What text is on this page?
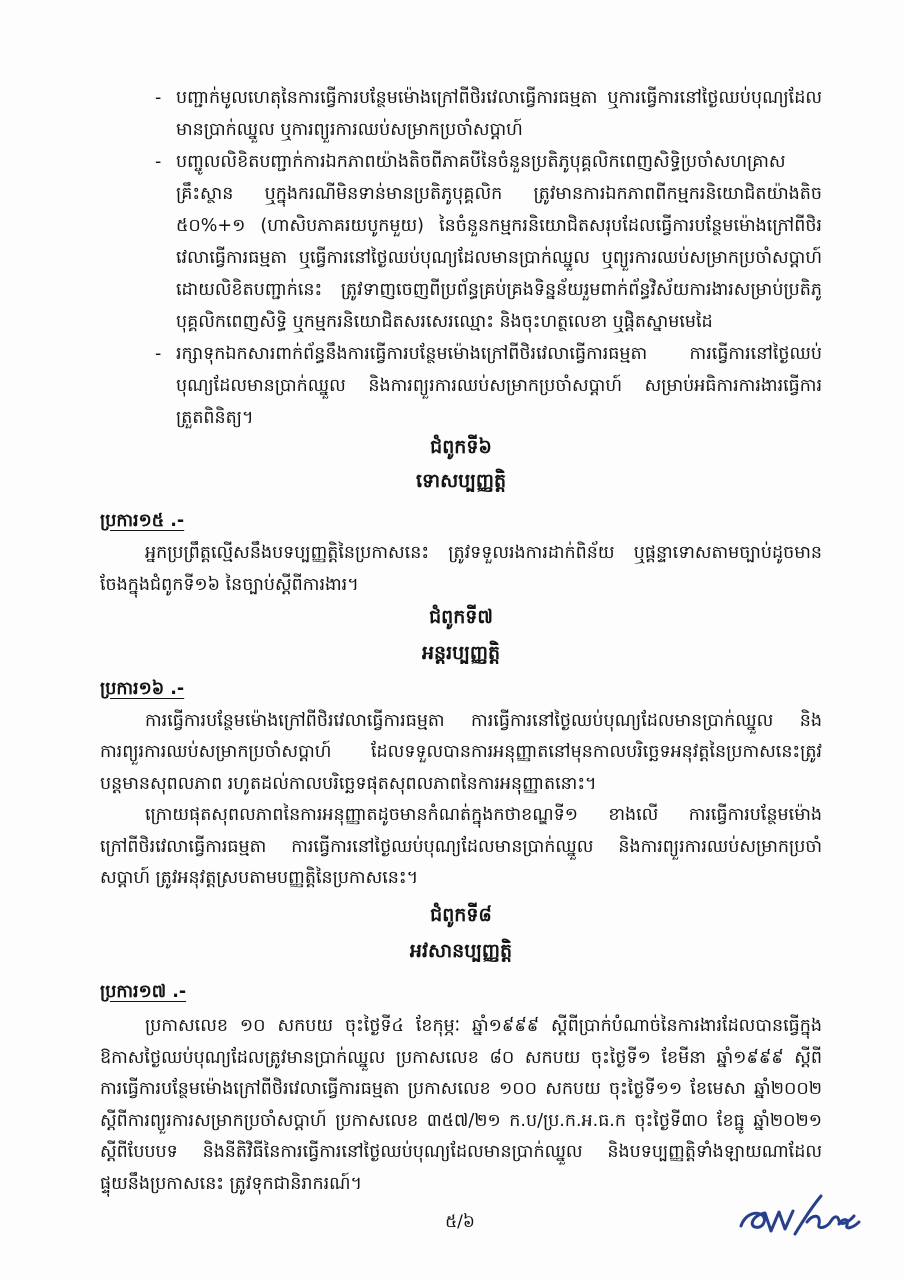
- បញ្ជាក់មូលហេតុនៃការធ្វើការបន្ថែមម៉ោងក្រៅពីថិរវេលាធ្វើការធម្មតា ឬការធ្វើការនៅថ្ងៃឈប់បុណ្យដែល
មានប្រាក់ឈ្នួល ឬការព្យួរការឈប់សម្រាកប្រចាំសប្ដាហ៍
- បញ្ចូលលិខិតបញ្ជាក់ការឯកភាពយ៉ាងតិចពីភាគបីនៃចំនួនប្រតិភូបុគ្គលិកពេញសិទ្ធិប្រចាំសហគ្រាស
គ្រឹះស្ថាន ឬក្នុងករណីមិនទាន់មានប្រតិភូបុគ្គលិក ត្រូវមានការឯកភាពពីកម្មករនិយោជិតយ៉ាងតិច
៥០%+១ (ហាសិបភាគរយបូកមួយ) នៃចំនួនកម្មករនិយោជិតសរុបដែលធ្វើការបន្ថែមម៉ោងក្រៅពីថិរ
វេលាធ្វើការធម្មតា ឬធ្វើការនៅថ្ងៃឈប់បុណ្យដែលមានប្រាក់ឈ្នួល ឬព្យួរការឈប់សម្រាកប្រចាំសប្ដាហ៍
ដោយលិខិតបញ្ជាក់នេះ ត្រូវទាញចេញពីប្រព័ន្ធគ្រប់គ្រងទិន្នន័យរួមពាក់ព័ន្ធវិស័យការងារសម្រាប់ប្រតិភូ
បុគ្គលិកពេញសិទ្ធិ ឬកម្មករនិយោជិតសរសេរឈ្មោះ និងចុះហត្ថលេខា ឬផ្តិតស្នាមមេដៃ
- រក្សាទុកឯកសារពាក់ព័ន្ធនឹងការធ្វើការបន្ថែមម៉ោងក្រៅពីថិរវេលាធ្វើការធម្មតា ការធ្វើការនៅថ្ងៃឈប់
បុណ្យដែលមានប្រាក់ឈ្នួល និងការព្យួរការឈប់សម្រាកប្រចាំសប្ដាហ៍ សម្រាប់អធិការការងារធ្វើការ
ត្រួតពិនិត្យ។
ជំពូកទី៦
ទោសប្បញ្ញត្តិ
ប្រការ១៥ .-
អ្នកប្រព្រឹត្តល្មើសនឹងបទប្បញ្ញត្តិនៃប្រកាសនេះ ត្រូវទទួលរងការដាក់ពិន័យ ឬផ្តន្ទាទោសតាមច្បាប់ដូចមាន
ចែងក្នុងជំពូកទី១៦ នៃច្បាប់ស្តីពីការងារ។
ជំពូកទី៧
អន្តរប្បញ្ញត្តិ
ប្រការ១៦ .-
ការធ្វើការបន្ថែមម៉ោងក្រៅពីថិរវេលាធ្វើការធម្មតា ការធ្វើការនៅថ្ងៃឈប់បុណ្យដែលមានប្រាក់ឈ្នួល និង
ការព្យួរការឈប់សម្រាកប្រចាំសប្ដាហ៍ ដែលទទួលបានការអនុញ្ញាតនៅមុនកាលបរិច្ឆេទអនុវត្តនៃប្រកាសនេះត្រូវ
បន្តមានសុពលភាព រហូតដល់កាលបរិច្ឆេទផុតសុពលភាពនៃការអនុញ្ញាតនោះ។
ក្រោយផុតសុពលភាពនៃការអនុញ្ញាតដូចមានកំណត់ក្នុងកថាខណ្ឌទី១ ខាងលើ ការធ្វើការបន្ថែមម៉ោង
ក្រៅពីថិរវេលាធ្វើការធម្មតា ការធ្វើការនៅថ្ងៃឈប់បុណ្យដែលមានប្រាក់ឈ្នួល និងការព្យួរការឈប់សម្រាកប្រចាំ
សប្ដាហ៍ ត្រូវអនុវត្តស្របតាមបញ្ញត្តិនៃប្រកាសនេះ។
ជំពូកទី៨
អវសានប្បញ្ញត្តិ
ប្រការ១៧ .-
ប្រកាសលេខ ១០ សកបយ ចុះថ្ងៃទី៤ ខែកុម្ភៈ ឆ្នាំ១៩៩៩ ស្តីពីប្រាក់បំណាច់នៃការងារដែលបានធ្វើក្នុង
ឱកាសថ្ងៃឈប់បុណ្យដែលត្រូវមានប្រាក់ឈ្នួល ប្រកាសលេខ ៨០ សកបយ ចុះថ្ងៃទី១ ខែមីនា ឆ្នាំ១៩៩៩ ស្តីពី
ការធ្វើការបន្ថែមម៉ោងក្រៅពីថិរវេលាធ្វើការធម្មតា ប្រកាសលេខ ១០០ សកបយ ចុះថ្ងៃទី១១ ខែមេសា ឆ្នាំ២០០២
ស្តីពីការព្យួរការសម្រាកប្រចាំសប្តាហ៍ ប្រកាសលេខ ៣៥៧/២១ ក.ប/ប្រ.ក.អ.ធ.ក ចុះថ្ងៃទី៣០ ខែធ្នូ ឆ្នាំ២០២១
ស្តីពីបែបបទ និងនីតិវិធីនៃការធ្វើការនៅថ្ងៃឈប់បុណ្យដែលមានប្រាក់ឈ្នួល និងបទប្បញ្ញត្តិទាំងឡាយណាដែល
ផ្ទុយនឹងប្រកាសនេះ ត្រូវទុកជានិរាករណ៍។
៥/៦
